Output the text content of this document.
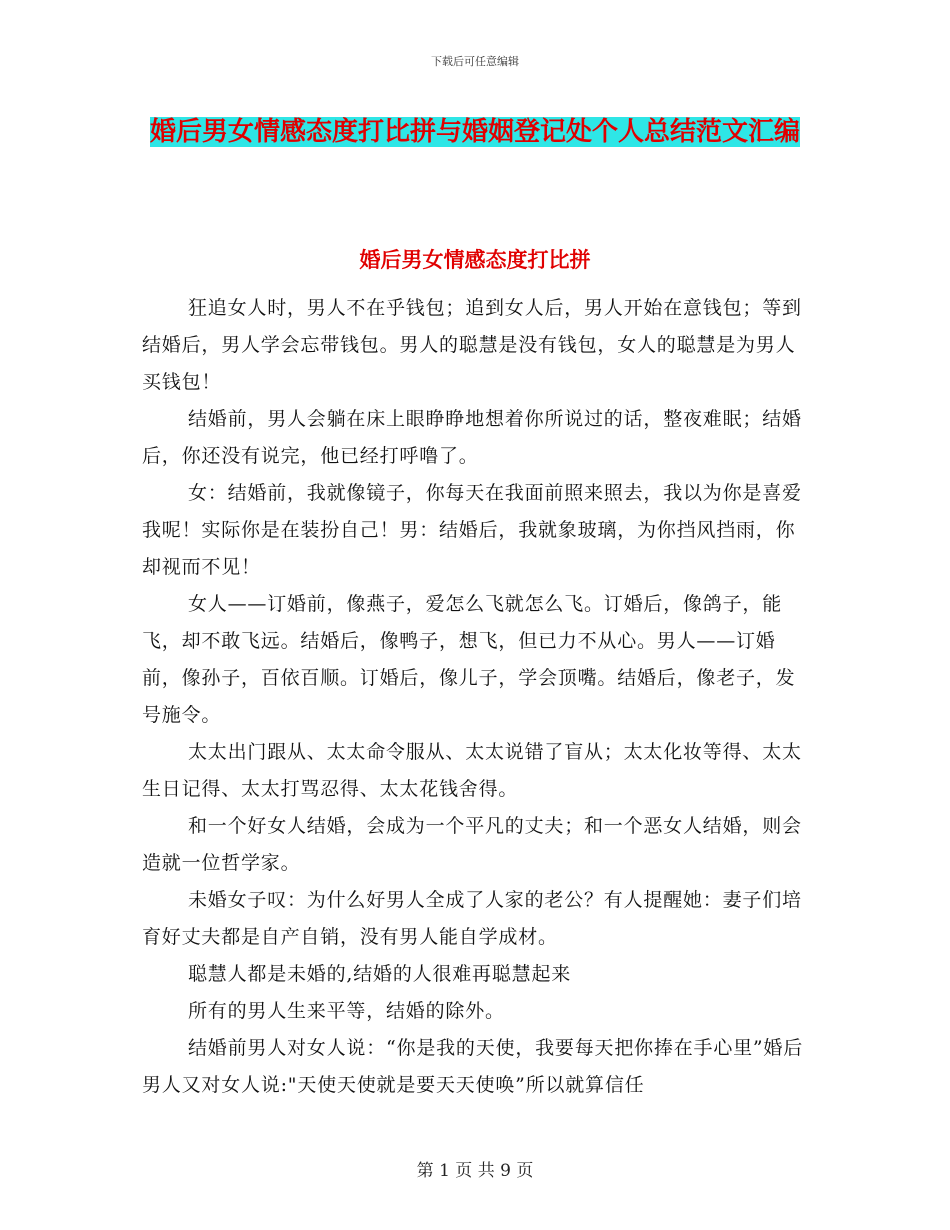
下载后可任意编辑
婚后男女情感态度打比拼与婚姻登记处个人总结范文汇编
婚后男女情感态度打比拼

狂追女人时，男人不在乎钱包；追到女人后，男人开始在意钱包；等到结婚后，男人学会忘带钱包。男人的聪慧是没有钱包，女人的聪慧是为男人买钱包！

结婚前，男人会躺在床上眼睁睁地想着你所说过的话，整夜难眠；结婚后，你还没有说完，他已经打呼噜了。

女：结婚前，我就像镜子，你每天在我面前照来照去，我以为你是喜爱我呢！实际你是在装扮自己！男：结婚后，我就象玻璃，为你挡风挡雨，你却视而不见！

女人——订婚前，像燕子，爱怎么飞就怎么飞。订婚后，像鸽子，能飞，却不敢飞远。结婚后，像鸭子，想飞，但已力不从心。男人——订婚前，像孙子，百依百顺。订婚后，像儿子，学会顶嘴。结婚后，像老子，发号施令。

太太出门跟从、太太命令服从、太太说错了盲从；太太化妆等得、太太生日记得、太太打骂忍得、太太花钱舍得。

和一个好女人结婚，会成为一个平凡的丈夫；和一个恶女人结婚，则会造就一位哲学家。

未婚女子叹：为什么好男人全成了人家的老公？有人提醒她：妻子们培育好丈夫都是自产自销，没有男人能自学成材。

聪慧人都是未婚的,结婚的人很难再聪慧起来

所有的男人生来平等，结婚的除外。

结婚前男人对女人说：“你是我的天使，我要每天把你捧在手心里”婚后男人又对女人说:"天使天使就是要天天使唤”所以就算信任

第 1 页 共 9 页
